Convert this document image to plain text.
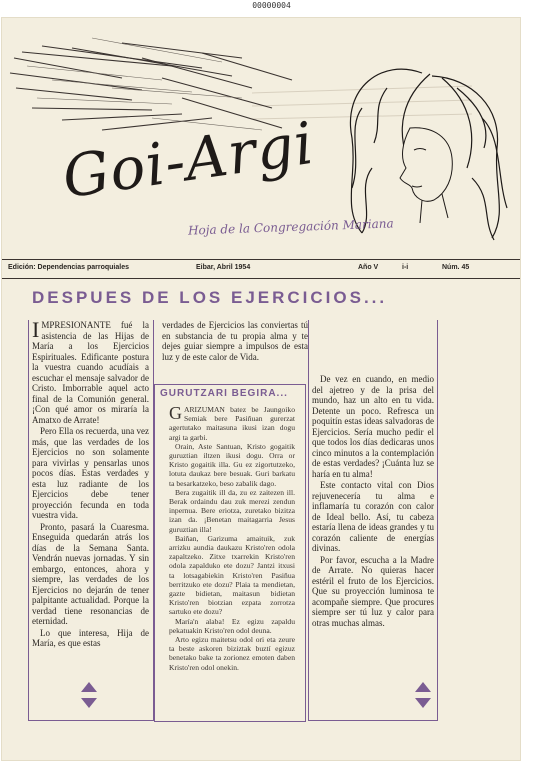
00000004
Goi-Argi
Hoja de la Congregación Mariana
Edición: Dependencias parroquiales	Eibar, Abril 1954	Año V	i-i	Núm. 45
DESPUES DE LOS EJERCICIOS...

IMPRESIONANTE fué la asistencia de las Hijas de María a los Ejercicios Espirituales. Edificante postura la vuestra cuando acudíais a escuchar el mensaje salvador de Cristo. Imborrable aquel acto final de la Comunión general. ¡Con qué amor os miraría la Amatxo de Arrate!

Pero Ella os recuerda, una vez más, que las verdades de los Ejercicios no son solamente para vivirlas y pensarlas unos pocos días. Estas verdades y esta luz radiante de los Ejercicios debe tener proyección fecunda en toda vuestra vida.

Pronto, pasará la Cuaresma. Enseguida quedarán atrás los días de la Semana Santa. Vendrán nuevas jornadas. Y sin embargo, entonces, ahora y siempre, las verdades de los Ejercicios no dejarán de tener palpitante actualidad. Porque la verdad tiene resonancias de eternidad.

Lo que interesa, Hija de María, es que estas

verdades de Ejercicios las conviertas tú en substancia de tu propia alma y te dejes guiar siempre a impulsos de esta luz y de este calor de Vida.

GURUTZARI BEGIRA...

GARIZUMAN batez be Jaungoiko Semiak bere Pasiñuan gurerzat agertutako maitasuna ikusi izan dogu argi ta garbi.

Orain, Aste Santuan, Kristo gogaitik guruztian iltzen ikusi dogu. Orra or Kristo gogaitik illa. Gu ez zigortutzeko, lotuta daukaz bere besuak. Guri barkatu ta besarkatzeko, beso zabalik dago.

Bera zugaitik ill da, zu ez zaitezen ill. Berak ordaindu dau zuk merezi zendun inpernua. Bere eriotza, zuretako bizitza izan da. ¡Benetan maitagarria Jesus guruztian illa!

Baiñan, Garizuma amaituik, zuk arrizku aundia daukazu Kristo'ren odola zapaltzeko. Zitxe txarrekin Kristo'ren odola zapalduko ete dozu? Jantzi itxusi ta lotsagabiekin Kristo'ren Pasiñua berritzuko ete dozu? Plaia ta mendietan, gazte bidietan, maitasun bidietan Kristo'ren biotzian ezpata zorrotza sartuko ete dozu?

María'n alaba! Ez egizu zapaldu pekatuakin Kristo'ren odol deuna.

Arto egizu maitetsu odol ori eta zeure ta beste askoren biziztak buztí egizuz benetako bake ta zorionez emoten daben Kristo'ren odol onekin.

De vez en cuando, en medio del ajetreo y de la prisa del mundo, haz un alto en tu vida. Detente un poco. Refresca un poquitín estas ideas salvadoras de Ejercicios. Sería mucho pedir el que todos los días dedicaras unos cinco minutos a la contemplación de estas verdades? ¡Cuánta luz se haría en tu alma!

Este contacto vital con Dios rejuvenecería tu alma e inflamaría tu corazón con calor de Ideal bello. Así, tu cabeza estaría llena de ideas grandes y tu corazón caliente de energías divinas.

Por favor, escucha a la Madre de Arrate. No quieras hacer estéril el fruto de los Ejercicios. Que su proyección luminosa te acompañe siempre. Que procures siempre ser tú luz y calor para otras muchas almas.
